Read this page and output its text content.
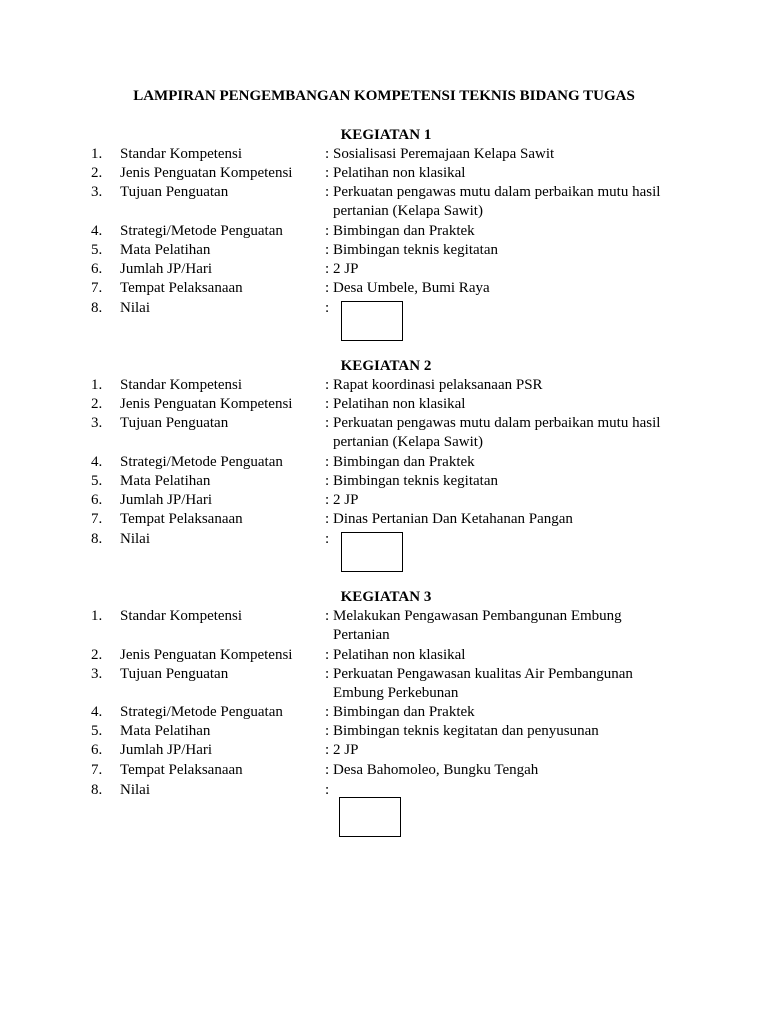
LAMPIRAN PENGEMBANGAN KOMPETENSI TEKNIS BIDANG TUGAS
KEGIATAN 1
1. Standar Kompetensi	: Sosialisasi Peremajaan Kelapa Sawit
2. Jenis Penguatan Kompetensi : Pelatihan non klasikal
3. Tujuan Penguatan	: Perkuatan pengawas mutu dalam perbaikan mutu hasil
pertanian (Kelapa Sawit)
4. Strategi/Metode Penguatan	: Bimbingan dan Praktek
5. Mata Pelatihan	: Bimbingan teknis kegitatan
6. Jumlah JP/Hari	: 2 JP
7. Tempat Pelaksanaan	: Desa Umbele, Bumi Raya
8. Nilai	:
KEGIATAN 2
1. Standar Kompetensi	: Rapat koordinasi pelaksanaan PSR
2. Jenis Penguatan Kompetensi : Pelatihan non klasikal
3. Tujuan Penguatan	: Perkuatan pengawas mutu dalam perbaikan mutu hasil
pertanian (Kelapa Sawit)
4. Strategi/Metode Penguatan	: Bimbingan dan Praktek
5. Mata Pelatihan	: Bimbingan teknis kegitatan
6. Jumlah JP/Hari	: 2 JP
7. Tempat Pelaksanaan	: Dinas Pertanian Dan Ketahanan Pangan
8. Nilai	:
KEGIATAN 3
1. Standar Kompetensi	: Melakukan Pengawasan Pembangunan Embung
Pertanian
2. Jenis Penguatan Kompetensi : Pelatihan non klasikal
3. Tujuan Penguatan	: Perkuatan Pengawasan kualitas Air Pembangunan
Embung Perkebunan
4. Strategi/Metode Penguatan	: Bimbingan dan Praktek
5. Mata Pelatihan	: Bimbingan teknis kegitatan dan penyusunan
6. Jumlah JP/Hari	: 2 JP
7. Tempat Pelaksanaan	: Desa Bahomoleo, Bungku Tengah
8. Nilai	:
